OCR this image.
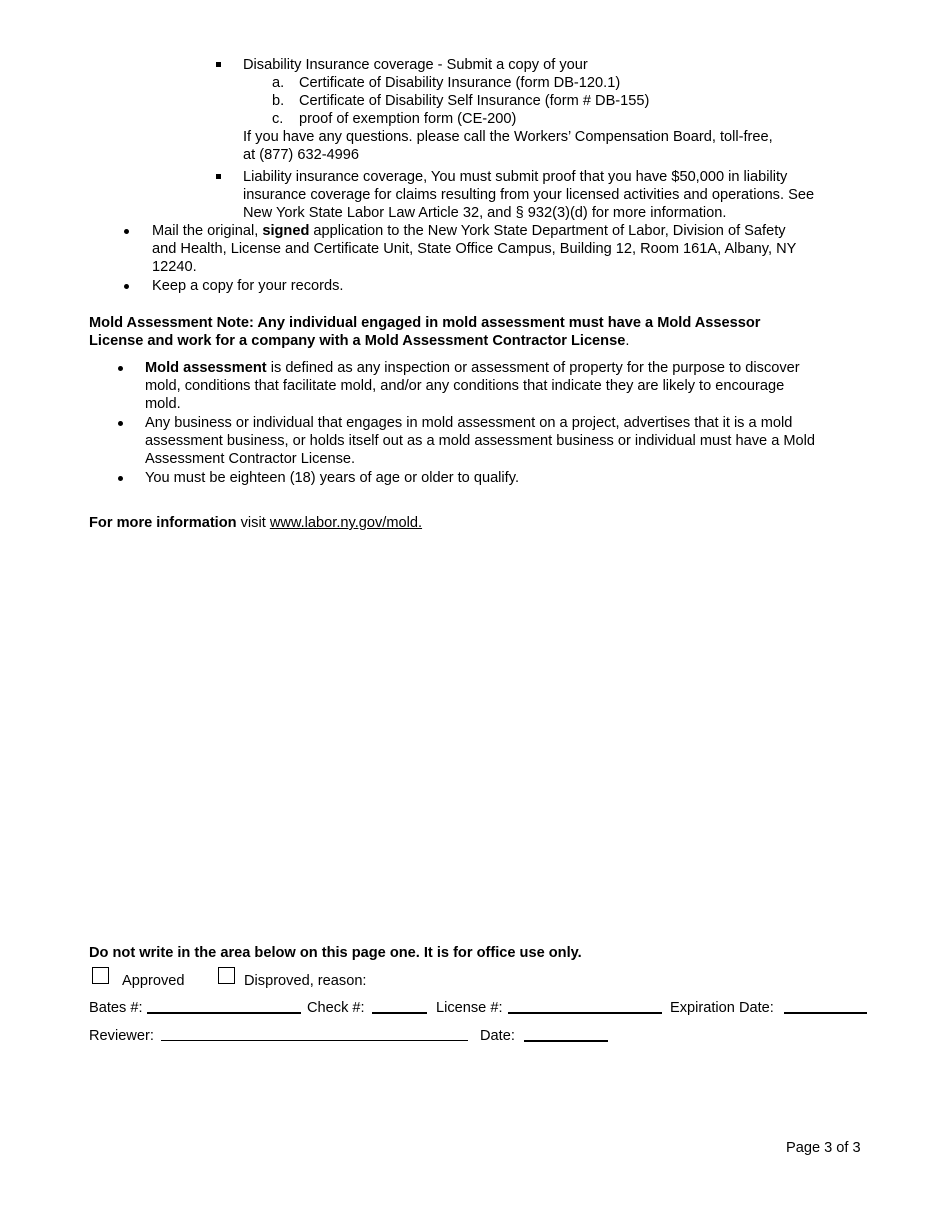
Disability Insurance coverage - Submit a copy of your
a. Certificate of Disability Insurance (form DB-120.1)
b. Certificate of Disability Self Insurance (form # DB-155)
c. proof of exemption form (CE-200)
If you have any questions. please call the Workers’ Compensation Board, toll-free,
at (877) 632-4996
Liability insurance coverage, You must submit proof that you have $50,000 in liability
insurance coverage for claims resulting from your licensed activities and operations. See
New York State Labor Law Article 32, and § 932(3)(d) for more information.
Mail the original, signed application to the New York State Department of Labor, Division of Safety
and Health, License and Certificate Unit, State Office Campus, Building 12, Room 161A, Albany, NY
12240.
Keep a copy for your records.
Mold Assessment Note: Any individual engaged in mold assessment must have a Mold Assessor
License and work for a company with a Mold Assessment Contractor License.
Mold assessment is defined as any inspection or assessment of property for the purpose to discover
mold, conditions that facilitate mold, and/or any conditions that indicate they are likely to encourage
mold.
Any business or individual that engages in mold assessment on a project, advertises that it is a mold
assessment business, or holds itself out as a mold assessment business or individual must have a Mold
Assessment Contractor License.
You must be eighteen (18) years of age or older to qualify.
For more information visit www.labor.ny.gov/mold.
Do not write in the area below on this page one. It is for office use only.
Approved	Disproved, reason:
Bates #:	Check #:	License #:	Expiration Date:
Reviewer:	Date:
Page 3 of 3
